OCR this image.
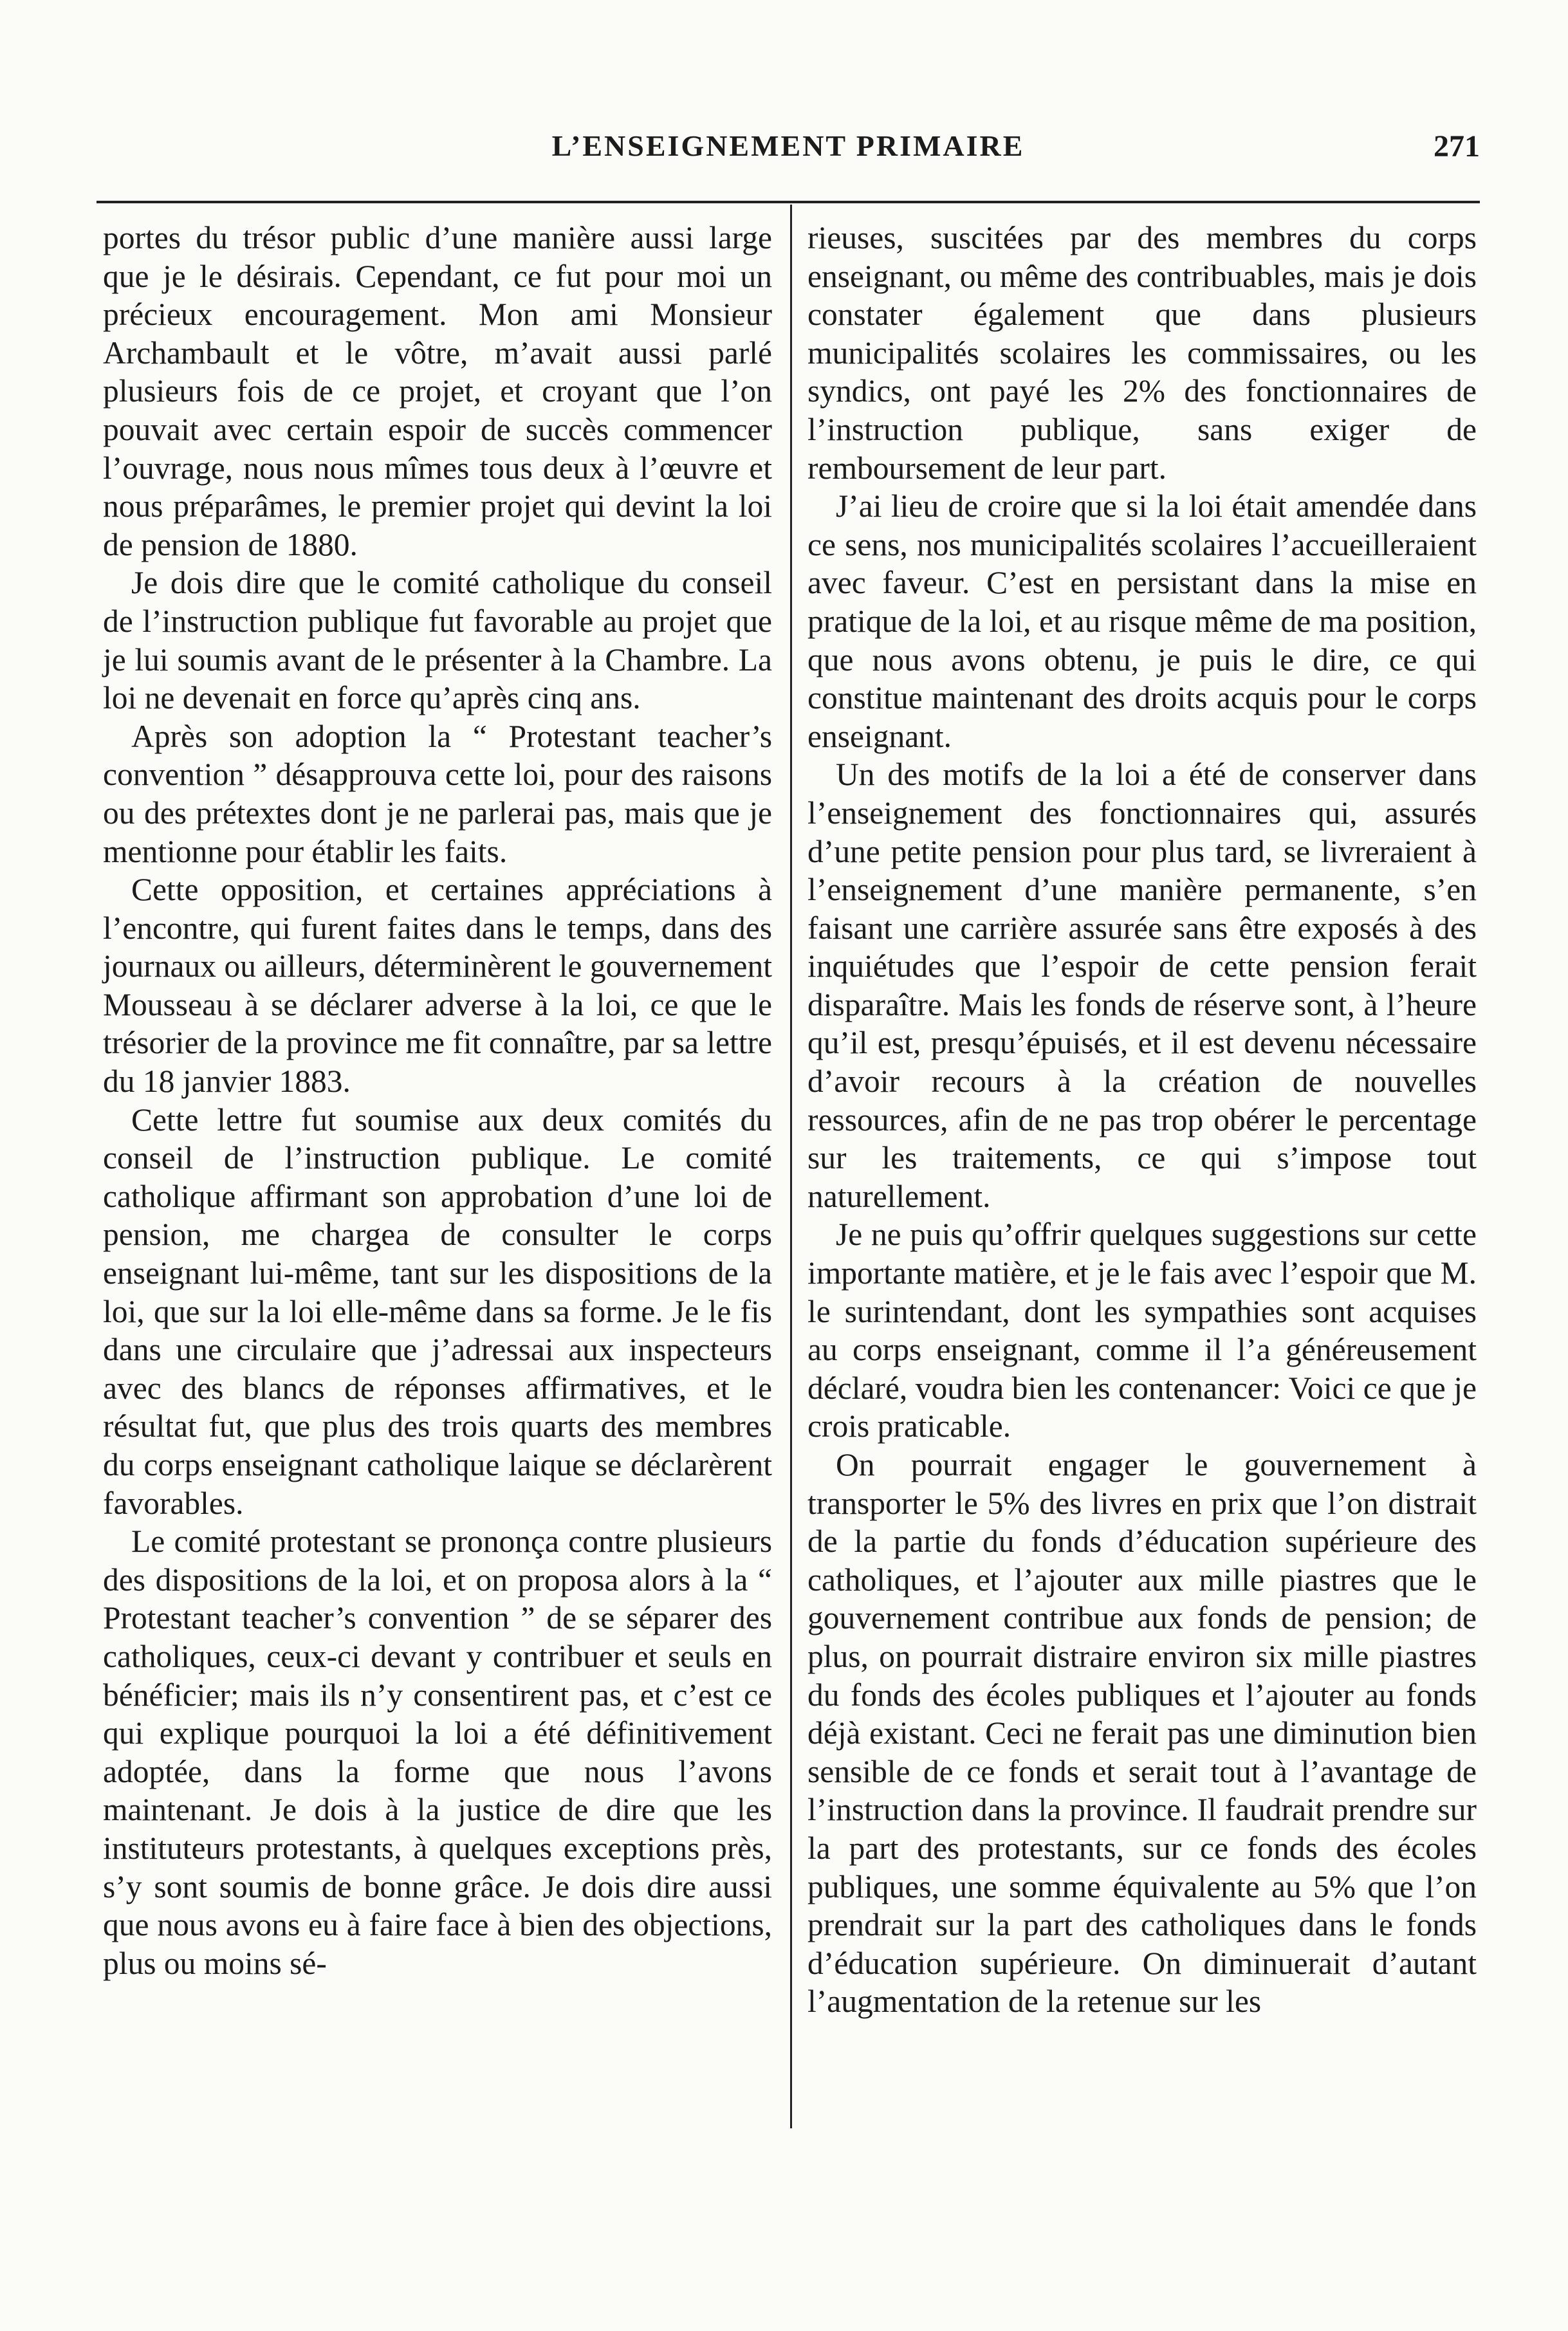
L’ENSEIGNEMENT PRIMAIRE	271

portes du trésor public d’une manière aussi large que je le désirais. Cependant, ce fut pour moi un précieux encouragement. Mon ami Monsieur Archambault et le vôtre, m’avait aussi parlé plusieurs fois de ce projet, et croyant que l’on pouvait avec certain espoir de succès commencer l’ouvrage, nous nous mîmes tous deux à l’œuvre et nous préparâmes, le premier projet qui devint la loi de pension de 1880.

Je dois dire que le comité catholique du conseil de l’instruction publique fut favorable au projet que je lui soumis avant de le présenter à la Chambre. La loi ne devenait en force qu’après cinq ans.

Après son adoption la “ Protestant teacher’s convention ” désapprouva cette loi, pour des raisons ou des prétextes dont je ne parlerai pas, mais que je mentionne pour établir les faits.

Cette opposition, et certaines appréciations à l’encontre, qui furent faites dans le temps, dans des journaux ou ailleurs, déterminèrent le gouvernement Mousseau à se déclarer adverse à la loi, ce que le trésorier de la province me fit connaître, par sa lettre du 18 janvier 1883.

Cette lettre fut soumise aux deux comités du conseil de l’instruction publique. Le comité catholique affirmant son approbation d’une loi de pension, me chargea de consulter le corps enseignant lui-même, tant sur les dispositions de la loi, que sur la loi elle-même dans sa forme. Je le fis dans une circulaire que j’adressai aux inspecteurs avec des blancs de réponses affirmatives, et le résultat fut, que plus des trois quarts des membres du corps enseignant catholique laique se déclarèrent favorables.

Le comité protestant se prononça contre plusieurs des dispositions de la loi, et on proposa alors à la “ Protestant teacher’s convention ” de se séparer des catholiques, ceux-ci devant y contribuer et seuls en bénéficier; mais ils n’y consentirent pas, et c’est ce qui explique pourquoi la loi a été définitivement adoptée, dans la forme que nous l’avons maintenant. Je dois à la justice de dire que les instituteurs protestants, à quelques exceptions près, s’y sont soumis de bonne grâce. Je dois dire aussi que nous avons eu à faire face à bien des objections, plus ou moins sé-

rieuses, suscitées par des membres du corps enseignant, ou même des contribuables, mais je dois constater également que dans plusieurs municipalités scolaires les commissaires, ou les syndics, ont payé les 2% des fonctionnaires de l’instruction publique, sans exiger de remboursement de leur part.

J’ai lieu de croire que si la loi était amendée dans ce sens, nos municipalités scolaires l’accueilleraient avec faveur. C’est en persistant dans la mise en pratique de la loi, et au risque même de ma position, que nous avons obtenu, je puis le dire, ce qui constitue maintenant des droits acquis pour le corps enseignant.

Un des motifs de la loi a été de conserver dans l’enseignement des fonctionnaires qui, assurés d’une petite pension pour plus tard, se livreraient à l’enseignement d’une manière permanente, s’en faisant une carrière assurée sans être exposés à des inquiétudes que l’espoir de cette pension ferait disparaître. Mais les fonds de réserve sont, à l’heure qu’il est, presqu’épuisés, et il est devenu nécessaire d’avoir recours à la création de nouvelles ressources, afin de ne pas trop obérer le percentage sur les traitements, ce qui s’impose tout naturellement.

Je ne puis qu’offrir quelques suggestions sur cette importante matière, et je le fais avec l’espoir que M. le surintendant, dont les sympathies sont acquises au corps enseignant, comme il l’a généreusement déclaré, voudra bien les contenancer: Voici ce que je crois praticable.

On pourrait engager le gouvernement à transporter le 5% des livres en prix que l’on distrait de la partie du fonds d’éducation supérieure des catholiques, et l’ajouter aux mille piastres que le gouvernement contribue aux fonds de pension; de plus, on pourrait distraire environ six mille piastres du fonds des écoles publiques et l’ajouter au fonds déjà existant. Ceci ne ferait pas une diminution bien sensible de ce fonds et serait tout à l’avantage de l’instruction dans la province. Il faudrait prendre sur la part des protestants, sur ce fonds des écoles publiques, une somme équivalente au 5% que l’on prendrait sur la part des catholiques dans le fonds d’éducation supérieure. On diminuerait d’autant l’augmentation de la retenue sur les
